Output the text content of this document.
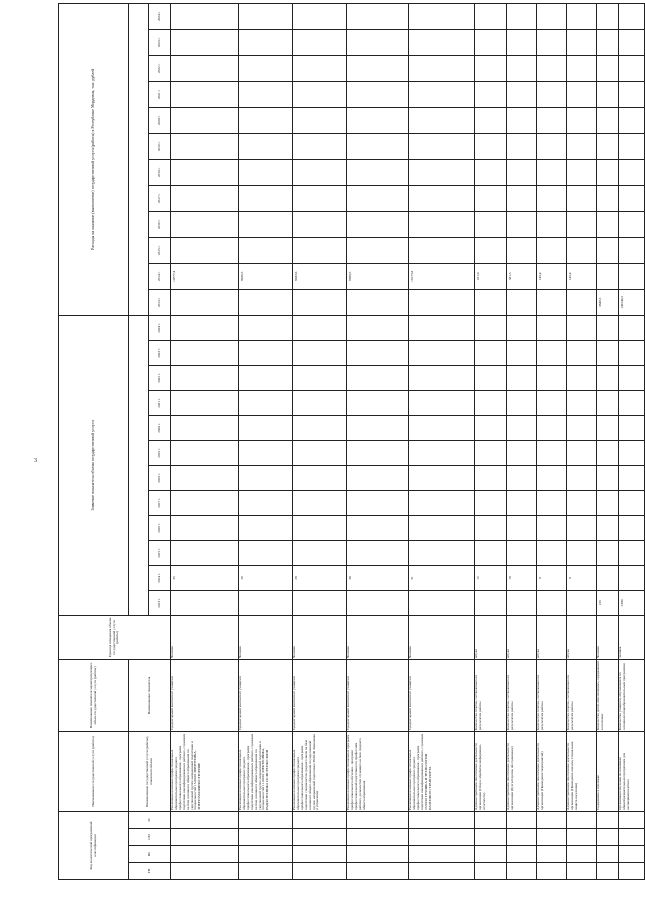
3
Код аналитической программной классификации				Наименование государственной услуги (работы)	Наименование показателя характеризующего объем государственной услуги (работы)	Единица измерения объема государственной услуги (работы)	Значение показателя объема государственной услуги												Расходы на оказание (выполнение) государственной услуги (работы) в Республике Мордовия, тыс. рублей											
ГП	Пп	ОМ	М	Наименование государственной услуги (работы), показателя объема	Наименование показателя																									
							2013 г.	2014 г.	2015 г.	2016 г.	2017 г.	2018 г.	2019 г.	2020 г.	2021 г.	2022 г.	2023 г.	2024 г.	2013 г.	2014 г.	2015 г.	2016 г.	2017 г.	2018 г.	2019 г.	2020 г.	2021 г.	2022 г.	2023 г.	2024 г.
				Реализация основных профессиональных образовательных программ среднего профессионального образования - программ подготовки квалифицированных рабочих, служащих на базе основного общего образования по укрупненной группе направлений подготовки и специальностей 15.00.00 ЭНЕРГЕТИКА, ЭНЕРГОМАШИНОСТРОЕНИЕ	Среднегодовой контингент учащихся	Человек		35												10777,4										
				Реализация основных профессиональных образовательных программ среднего профессионального образования - программ подготовки квалифицированных рабочих, служащих на базе основного общего образования по укрупненной группе направлений подготовки и специальностей 11.00.00 ЭЛЕКТРОНИКА, РАДИОТЕХНИКА И СИСТЕМЫ СВЯЗИ	Среднегодовой контингент учащихся	Человек		29												8936,5										
				Реализация основных профессиональных образовательных программ среднего профессионального образования - программ подготовки специалистов среднего звена на базе основного общего образования по укрупненной группе направлений подготовки 38.00.00 Экономика и управление	Среднегодовой контингент учащихся	Человек		28												8033,6										
				Реализация основных профессиональных программ профессионального обучения - программ профессиональной подготовки по профессиям рабочих, должностям служащих на базе среднего общего образования	Среднегодовой контингент учащихся	Человек		30												9980,5										
				Реализация основных профессиональных образовательных программ среднего профессионального образования - программ подготовки квалифицированных рабочих, служащих 23.00.00 ТЕХНИКА И ТЕХНОЛОГИИ НАЗЕМНОГО ТРАНСПОРТА	Среднегодовой контингент учащихся	Человек		51												19175,8										
				Административное обеспечение деятельности организации (Сбор и обработка информации, отчетности)	Количество отчетов, составленных по результатам работы	штука		12												221,0										
				Административное обеспечение деятельности организации (Бухгалтерское обслуживание)	Количество отчетов, составленных по результатам работы	штука		18												331,5										
				Административное обеспечение деятельности организации (Проведение мероприятий)	Количество отчетов, составленных по результатам работы	штука		8												145,4										
				Административное обеспечение деятельности организации (Проведение анализа, Социальная защита населения)	Количество отчетов, составленных по результатам работы	штука		8												145,4										
				Содержание в ночлежке	Количество детей, обеспеченных, содержанием в ночлежке	Человек	133												3849,5											
				Организация обучения по основным общеобразовательным программам для несовершеннолетних	Количество учащихся, обучающихся по основным общеобразовательным программам	человек	2380												149144,5											
